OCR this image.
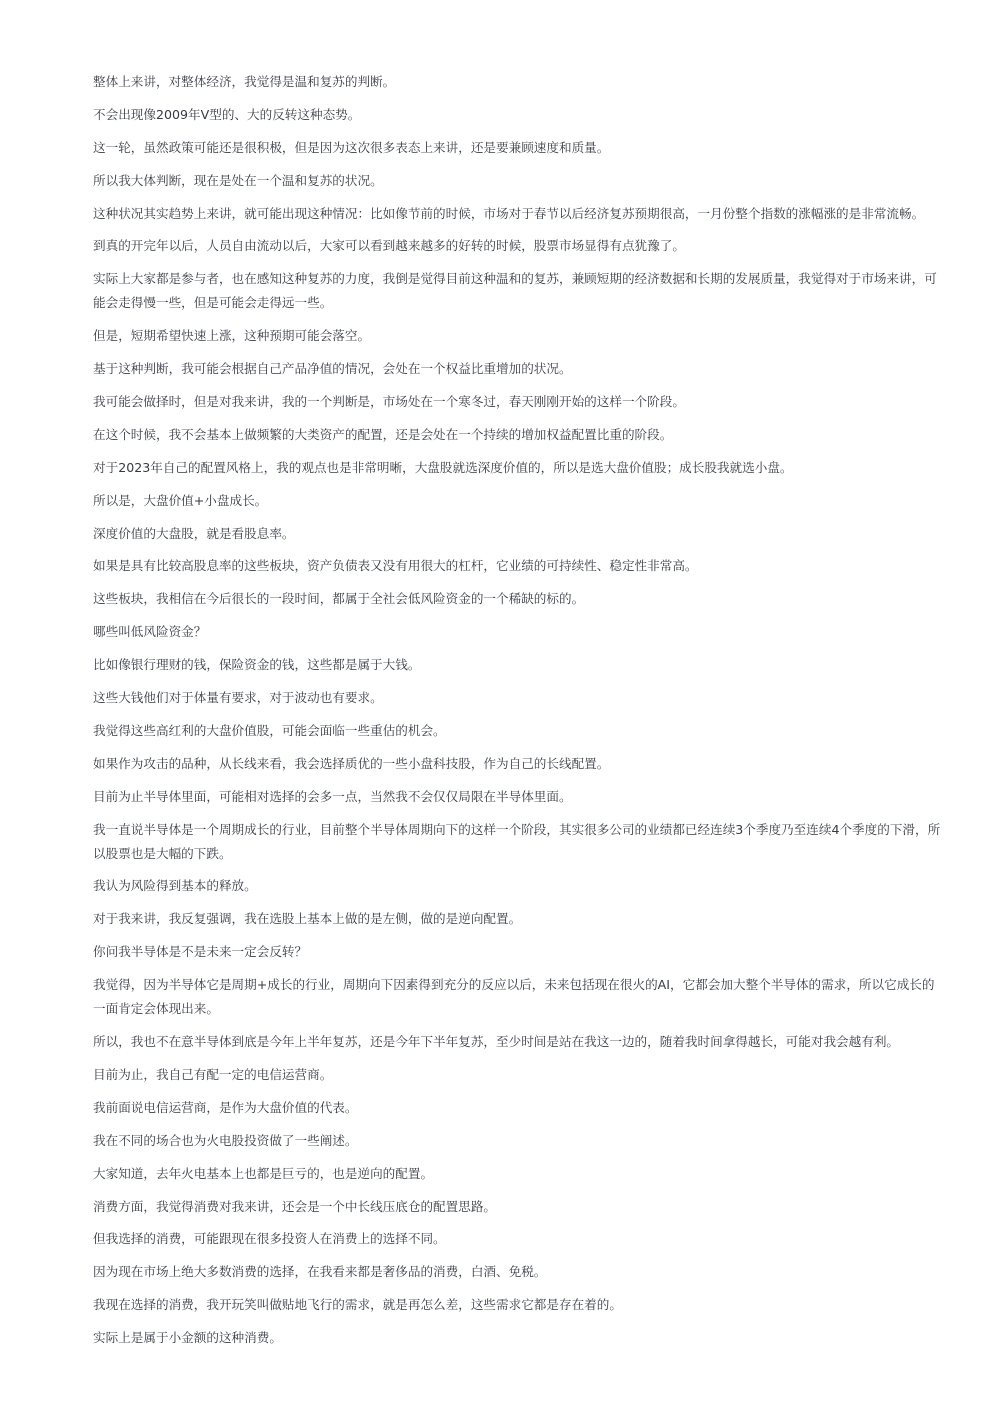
整体上来讲，对整体经济，我觉得是温和复苏的判断。

不会出现像2009年V型的、大的反转这种态势。

这一轮，虽然政策可能还是很积极，但是因为这次很多表态上来讲，还是要兼顾速度和质量。

所以我大体判断，现在是处在一个温和复苏的状况。

这种状况其实趋势上来讲，就可能出现这种情况：比如像节前的时候，市场对于春节以后经济复苏预期很高，一月份整个指数的涨幅涨的是非常流畅。

到真的开完年以后，人员自由流动以后，大家可以看到越来越多的好转的时候，股票市场显得有点犹豫了。

实际上大家都是参与者，也在感知这种复苏的力度，我倒是觉得目前这种温和的复苏，兼顾短期的经济数据和长期的发展质量，我觉得对于市场来讲，可能会走得慢一些，但是可能会走得远一些。

但是，短期希望快速上涨，这种预期可能会落空。

基于这种判断，我可能会根据自己产品净值的情况，会处在一个权益比重增加的状况。

我可能会做择时，但是对我来讲，我的一个判断是，市场处在一个寒冬过，春天刚刚开始的这样一个阶段。

在这个时候，我不会基本上做频繁的大类资产的配置，还是会处在一个持续的增加权益配置比重的阶段。

对于2023年自己的配置风格上，我的观点也是非常明晰，大盘股就选深度价值的，所以是选大盘价值股；成长股我就选小盘。

所以是，大盘价值+小盘成长。

深度价值的大盘股，就是看股息率。

如果是具有比较高股息率的这些板块，资产负债表又没有用很大的杠杆，它业绩的可持续性、稳定性非常高。

这些板块，我相信在今后很长的一段时间，都属于全社会低风险资金的一个稀缺的标的。

哪些叫低风险资金？

比如像银行理财的钱，保险资金的钱，这些都是属于大钱。

这些大钱他们对于体量有要求，对于波动也有要求。

我觉得这些高红利的大盘价值股，可能会面临一些重估的机会。

如果作为攻击的品种，从长线来看，我会选择质优的一些小盘科技股，作为自己的长线配置。

目前为止半导体里面，可能相对选择的会多一点，当然我不会仅仅局限在半导体里面。

我一直说半导体是一个周期成长的行业，目前整个半导体周期向下的这样一个阶段，其实很多公司的业绩都已经连续3个季度乃至连续4个季度的下滑，所以股票也是大幅的下跌。

我认为风险得到基本的释放。

对于我来讲，我反复强调，我在选股上基本上做的是左侧，做的是逆向配置。

你问我半导体是不是未来一定会反转？

我觉得，因为半导体它是周期+成长的行业，周期向下因素得到充分的反应以后，未来包括现在很火的AI，它都会加大整个半导体的需求，所以它成长的一面肯定会体现出来。

所以，我也不在意半导体到底是今年上半年复苏，还是今年下半年复苏，至少时间是站在我这一边的，随着我时间拿得越长，可能对我会越有利。

目前为止，我自己有配一定的电信运营商。

我前面说电信运营商，是作为大盘价值的代表。

我在不同的场合也为火电股投资做了一些阐述。

大家知道，去年火电基本上也都是巨亏的，也是逆向的配置。

消费方面，我觉得消费对我来讲，还会是一个中长线压底仓的配置思路。

但我选择的消费，可能跟现在很多投资人在消费上的选择不同。

因为现在市场上绝大多数消费的选择，在我看来都是奢侈品的消费，白酒、免税。

我现在选择的消费，我开玩笑叫做贴地飞行的需求，就是再怎么差，这些需求它都是存在着的。

实际上是属于小金额的这种消费。
